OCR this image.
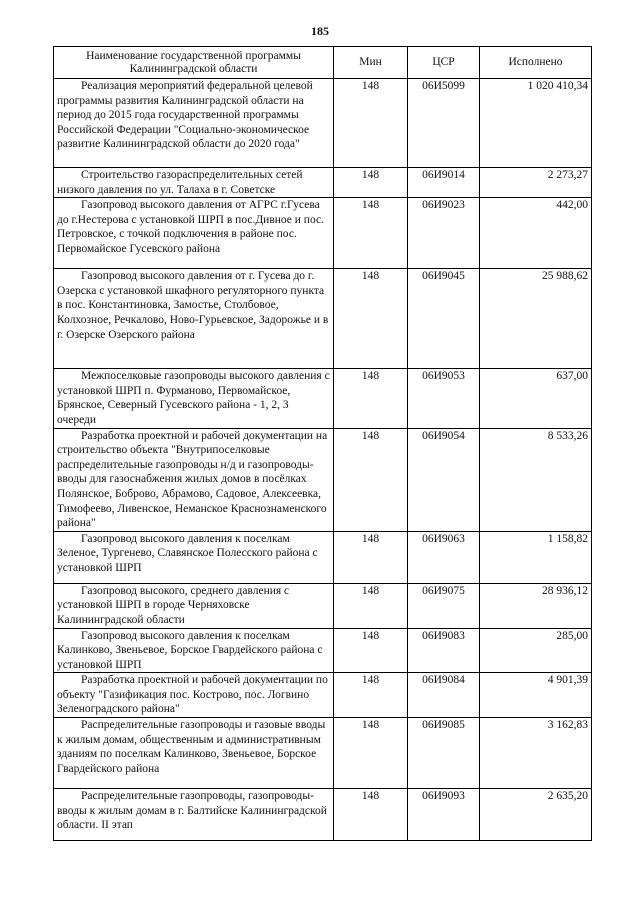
185
Наименование государственной программы Калининградской области	Мин	ЦСР	Исполнено
Реализация мероприятий федеральной целевой программы развития Калининградской области на период до 2015 года государственной программы Российской Федерации "Социально-экономическое развитие Калининградской области до 2020 года"	148	06И5099	1 020 410,34
Строительство газораспределительных сетей низкого давления по ул. Талаха в г. Советске	148	06И9014	2 273,27
Газопровод высокого давления от АГРС г.Гусева до г.Нестерова с установкой ШРП в пос.Дивное и пос. Петровское, с точкой подключения в районе пос. Первомайское Гусевского района	148	06И9023	442,00
Газопровод высокого давления от г. Гусева до г. Озерска с установкой шкафного регуляторного пункта в пос. Константиновка, Замостье, Столбовое, Колхозное, Речкалово, Ново-Гурьевское, Задорожье и в г. Озерске Озерского района	148	06И9045	25 988,62
Межпоселковые газопроводы высокого давления с установкой ШРП п. Фурманово, Первомайское, Брянское, Северный Гусевского района - 1, 2, 3 очереди	148	06И9053	637,00
Разработка проектной и рабочей документации на строительство объекта "Внутрипоселковые распределительные газопроводы н/д и газопроводы-вводы для газоснабжения жилых домов в посёлках Полянское, Боброво, Абрамово, Садовое, Алексеевка, Тимофеево, Ливенское, Неманское Краснознаменского района"	148	06И9054	8 533,26
Газопровод высокого давления к поселкам Зеленое, Тургенево, Славянское Полесского района с установкой ШРП	148	06И9063	1 158,82
Газопровод высокого, среднего давления с установкой ШРП в городе Черняховске Калининградской области	148	06И9075	28 936,12
Газопровод высокого давления к поселкам Калинково, Звеньевое, Борское Гвардейского района с установкой ШРП	148	06И9083	285,00
Разработка проектной и рабочей документации по объекту "Газификация пос. Кострово, пос. Логвино Зеленоградского района"	148	06И9084	4 901,39
Распределительные газопроводы и газовые вводы к жилым домам, общественным и административным зданиям по поселкам Калинково, Звеньевое, Борское Гвардейского района	148	06И9085	3 162,83
Распределительные газопроводы, газопроводы-вводы к жилым домам в г. Балтийске Калининградской области. II этап	148	06И9093	2 635,20
